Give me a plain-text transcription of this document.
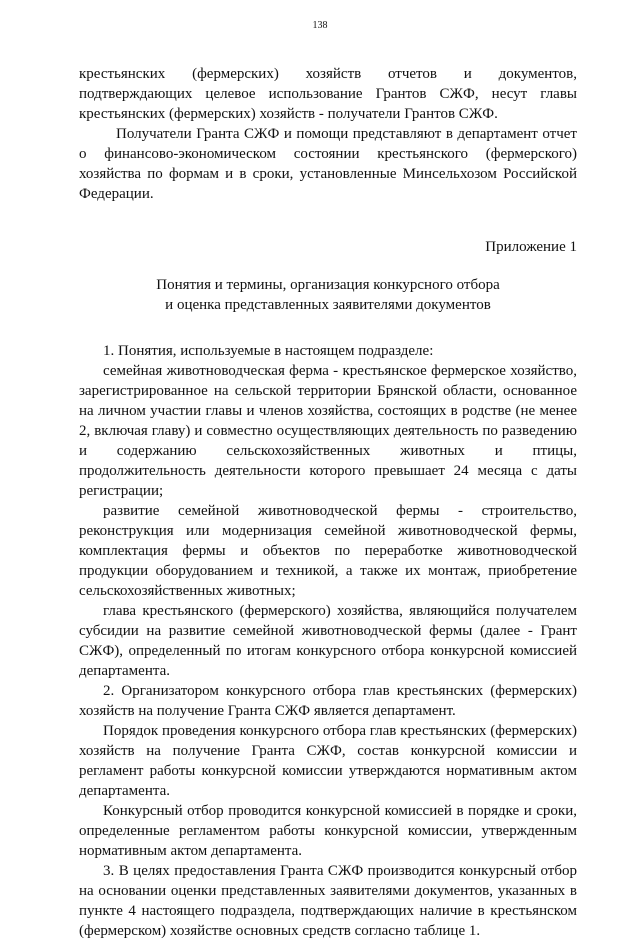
138

крестьянских (фермерских) хозяйств отчетов и документов, подтверждающих целевое использование Грантов СЖФ, несут главы крестьянских (фермерских) хозяйств - получатели Грантов СЖФ.

Получатели Гранта СЖФ и помощи представляют в департамент отчет о финансово-экономическом состоянии крестьянского (фермерского) хозяйства по формам и в сроки, установленные Минсельхозом Российской Федерации.

Приложение 1

Понятия и термины, организация конкурсного отбора

и оценка представленных заявителями документов

1. Понятия, используемые в настоящем подразделе:

семейная животноводческая ферма - крестьянское фермерское хозяйство, зарегистрированное на сельской территории Брянской области, основанное на личном участии главы и членов хозяйства, состоящих в родстве (не менее 2, включая главу) и совместно осуществляющих деятельность по разведению и содержанию сельскохозяйственных животных и птицы, продолжительность деятельности которого превышает 24 месяца с даты регистрации;

развитие семейной животноводческой фермы - строительство, реконструкция или модернизация семейной животноводческой фермы, комплектация фермы и объектов по переработке животноводческой продукции оборудованием и техникой, а также их монтаж, приобретение сельскохозяйственных животных;

глава крестьянского (фермерского) хозяйства, являющийся получателем субсидии на развитие семейной животноводческой фермы (далее - Грант СЖФ), определенный по итогам конкурсного отбора конкурсной комиссией департамента.

2. Организатором конкурсного отбора глав крестьянских (фермерских) хозяйств на получение Гранта СЖФ является департамент.

Порядок проведения конкурсного отбора глав крестьянских (фермерских) хозяйств на получение Гранта СЖФ, состав конкурсной комиссии и регламент работы конкурсной комиссии утверждаются нормативным актом департамента.

Конкурсный отбор проводится конкурсной комиссией в порядке и сроки, определенные регламентом работы конкурсной комиссии, утвержденным нормативным актом департамента.

3. В целях предоставления Гранта СЖФ производится конкурсный отбор на основании оценки представленных заявителями документов, указанных в пункте 4 настоящего подраздела, подтверждающих наличие в крестьянском (фермерском) хозяйстве основных средств согласно таблице 1.
